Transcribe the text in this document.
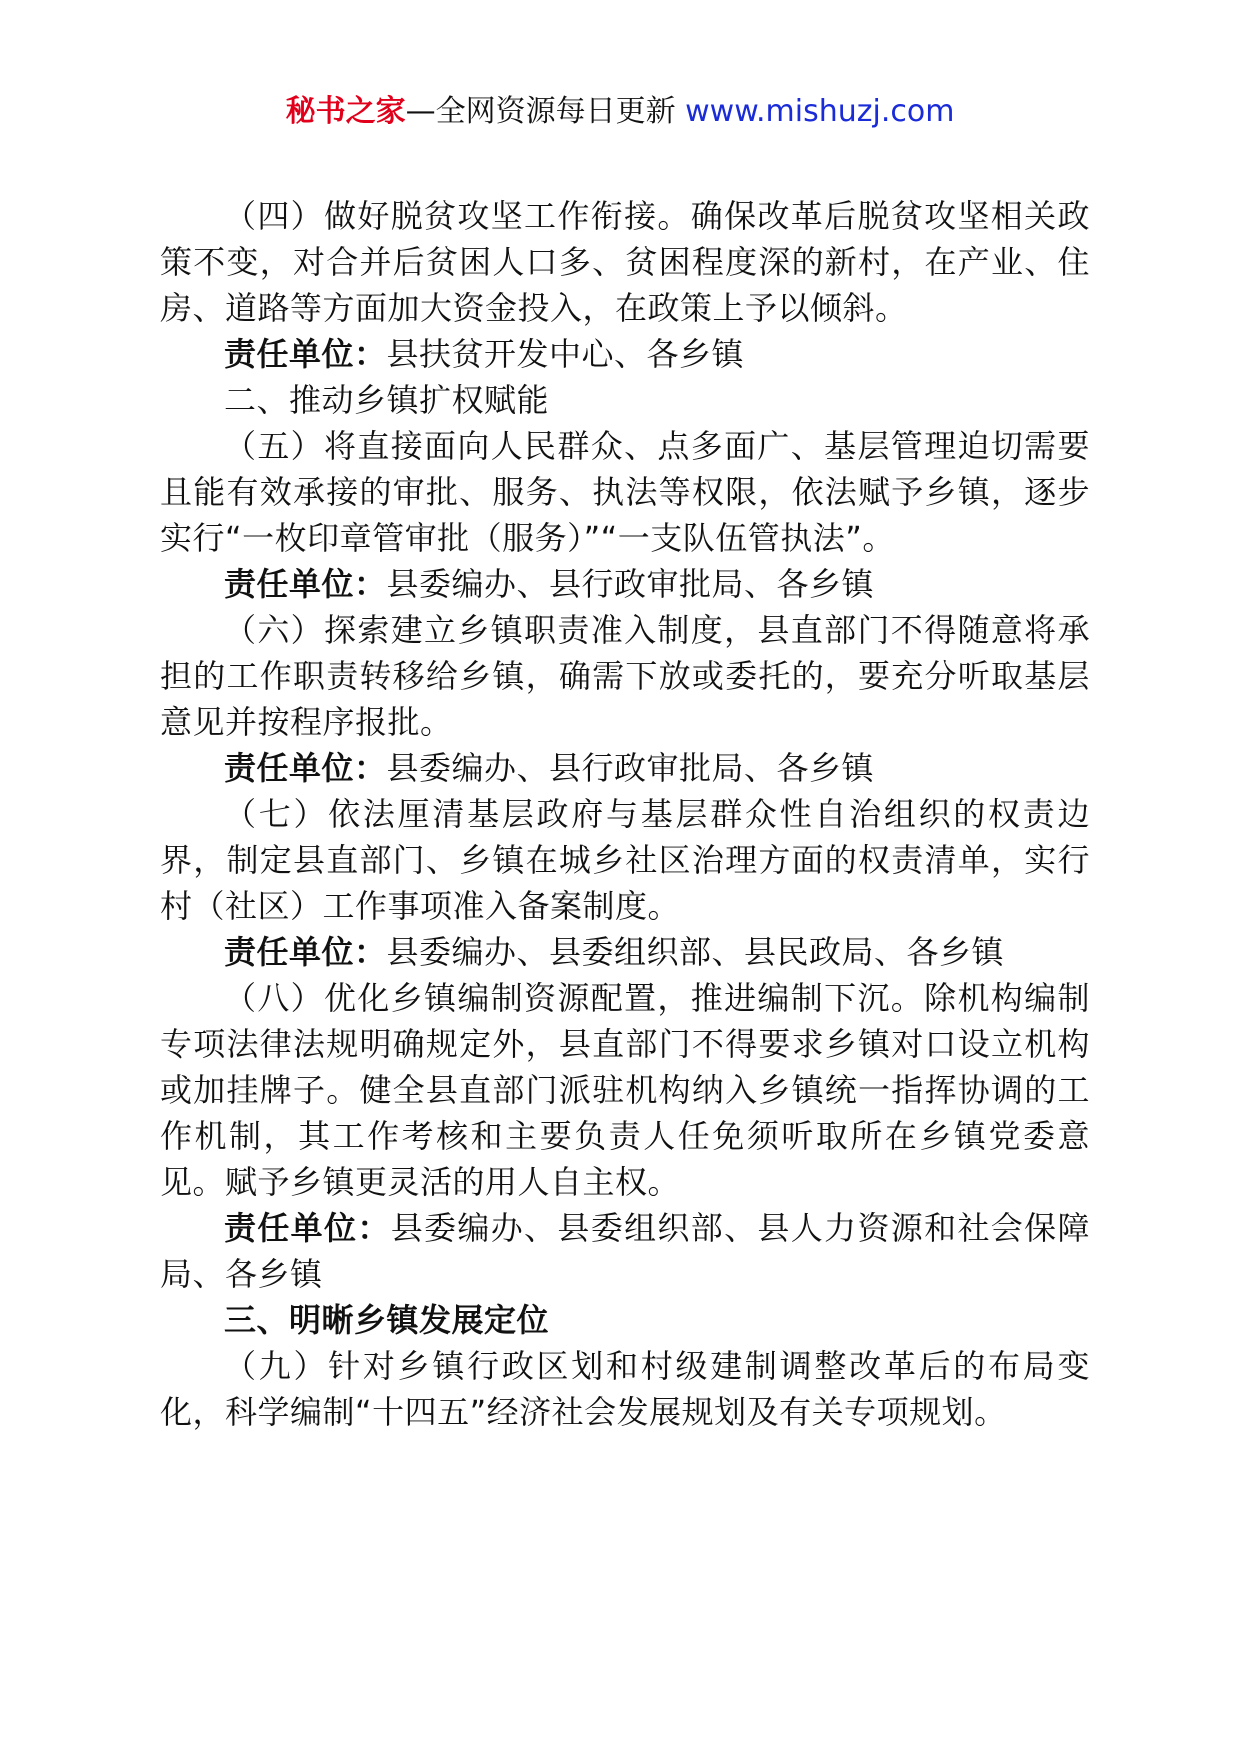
秘书之家—全网资源每日更新 www.mishuzj.com

（四）做好脱贫攻坚工作衔接。确保改革后脱贫攻坚相关政策不变，对合并后贫困人口多、贫困程度深的新村，在产业、住房、道路等方面加大资金投入，在政策上予以倾斜。

责任单位：县扶贫开发中心、各乡镇

二、推动乡镇扩权赋能

（五）将直接面向人民群众、点多面广、基层管理迫切需要且能有效承接的审批、服务、执法等权限，依法赋予乡镇，逐步实行“一枚印章管审批（服务）”“一支队伍管执法”。

责任单位：县委编办、县行政审批局、各乡镇

（六）探索建立乡镇职责准入制度，县直部门不得随意将承担的工作职责转移给乡镇，确需下放或委托的，要充分听取基层意见并按程序报批。

责任单位：县委编办、县行政审批局、各乡镇

（七）依法厘清基层政府与基层群众性自治组织的权责边界，制定县直部门、乡镇在城乡社区治理方面的权责清单，实行村（社区）工作事项准入备案制度。

责任单位：县委编办、县委组织部、县民政局、各乡镇

（八）优化乡镇编制资源配置，推进编制下沉。除机构编制专项法律法规明确规定外，县直部门不得要求乡镇对口设立机构或加挂牌子。健全县直部门派驻机构纳入乡镇统一指挥协调的工作机制，其工作考核和主要负责人任免须听取所在乡镇党委意见。赋予乡镇更灵活的用人自主权。

责任单位：县委编办、县委组织部、县人力资源和社会保障局、各乡镇

三、明晰乡镇发展定位

（九）针对乡镇行政区划和村级建制调整改革后的布局变化，科学编制“十四五”经济社会发展规划及有关专项规划。
